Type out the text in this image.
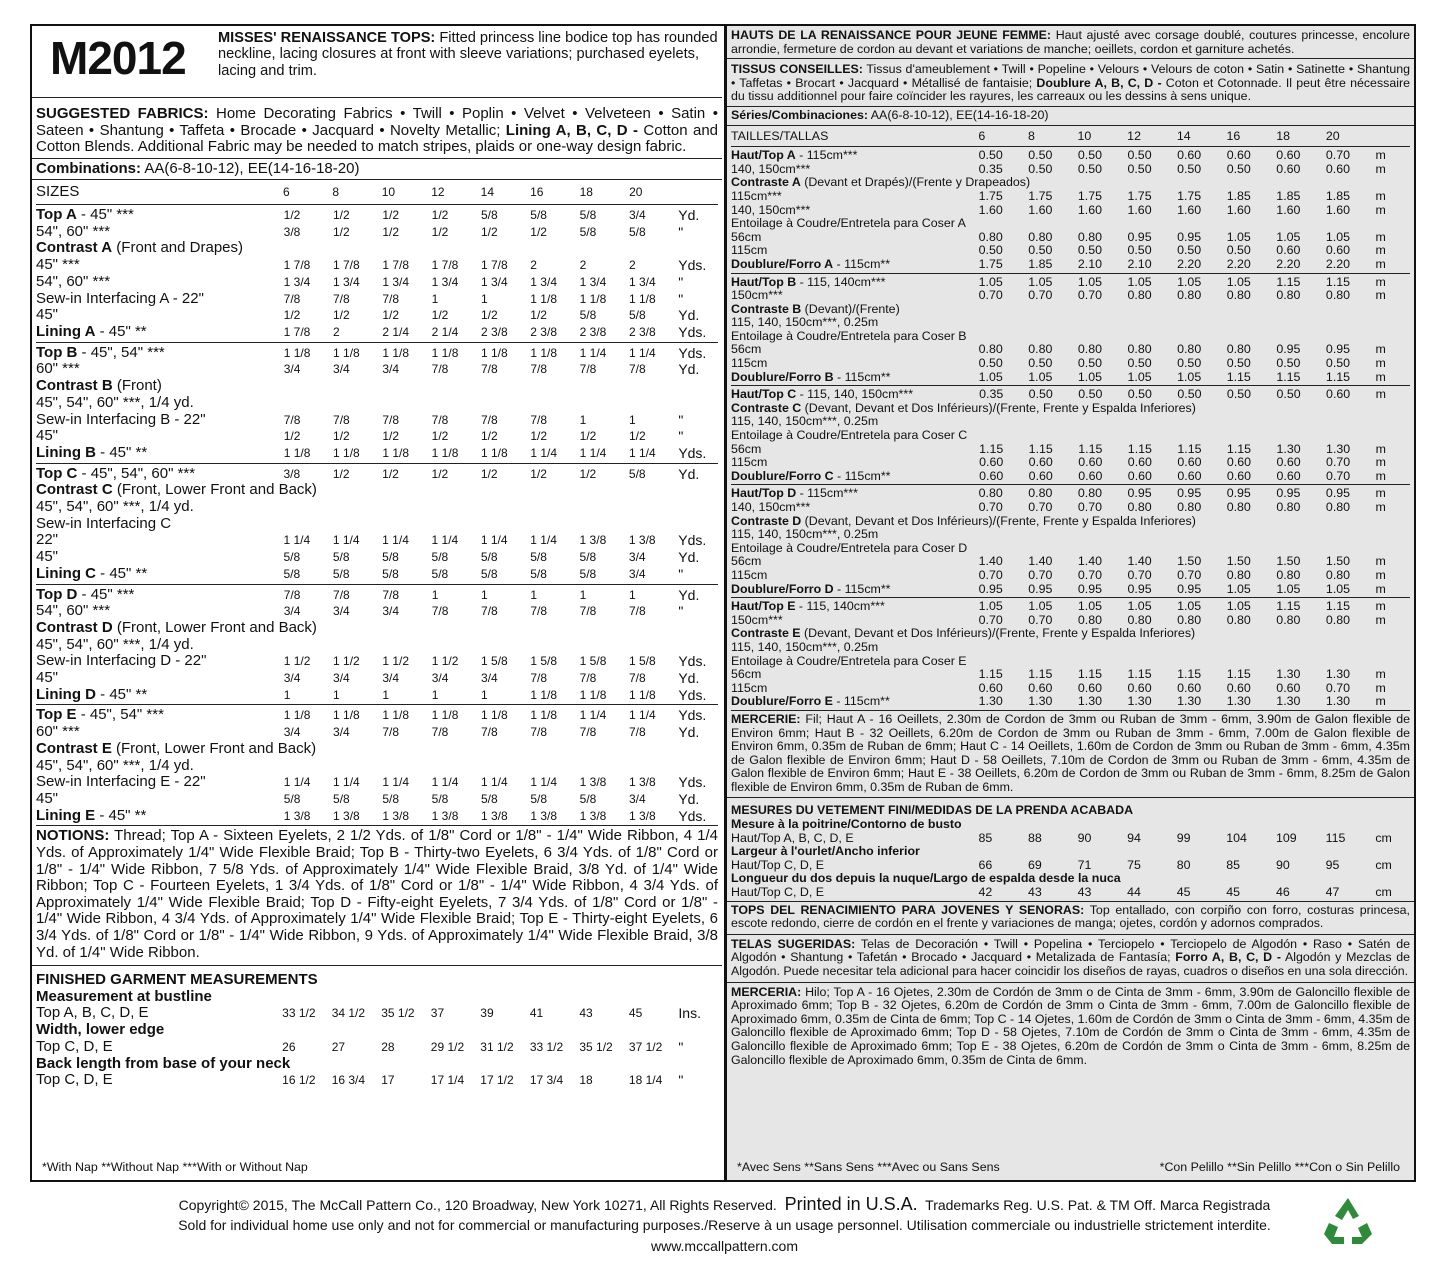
M2012 MISSES' RENAISSANCE TOPS: Fitted princess line bodice top has rounded neckline, lacing closures at front with sleeve variations; purchased eyelets, lacing and trim.
SUGGESTED FABRICS: Home Decorating Fabrics • Twill • Poplin • Velvet • Velveteen • Satin • Sateen • Shantung • Taffeta • Brocade • Jacquard • Novelty Metallic; Lining A, B, C, D - Cotton and Cotton Blends. Additional Fabric may be needed to match stripes, plaids or one-way design fabric.
Combinations: AA(6-8-10-12), EE(14-16-18-20)
SIZES	6	8	10	12	14	16	18	20	
Top A - 45" ***	1/2	1/2	1/2	1/2	5/8	5/8	5/8	3/4	Yd.
54", 60" ***	3/8	1/2	1/2	1/2	1/2	1/2	5/8	5/8	"
Contrast A (Front and Drapes)									
45" ***	1 7/8	1 7/8	1 7/8	1 7/8	1 7/8	2	2	2	Yds.
54", 60" ***	1 3/4	1 3/4	1 3/4	1 3/4	1 3/4	1 3/4	1 3/4	1 3/4	"
Sew-in Interfacing A - 22"	7/8	7/8	7/8	1	1	1 1/8	1 1/8	1 1/8	"
45"	1/2	1/2	1/2	1/2	1/2	1/2	5/8	5/8	Yd.
Lining A - 45" **	1 7/8	2	2 1/4	2 1/4	2 3/8	2 3/8	2 3/8	2 3/8	Yds.
Top B - 45", 54" ***	1 1/8	1 1/8	1 1/8	1 1/8	1 1/8	1 1/8	1 1/4	1 1/4	Yds.
60" ***	3/4	3/4	3/4	7/8	7/8	7/8	7/8	7/8	Yd.
Contrast B (Front)									
45", 54", 60" ***, 1/4 yd.									
Sew-in Interfacing B - 22"	7/8	7/8	7/8	7/8	7/8	7/8	1	1	"
45"	1/2	1/2	1/2	1/2	1/2	1/2	1/2	1/2	"
Lining B - 45" **	1 1/8	1 1/8	1 1/8	1 1/8	1 1/8	1 1/4	1 1/4	1 1/4	Yds.
Top C - 45", 54", 60" ***	3/8	1/2	1/2	1/2	1/2	1/2	1/2	5/8	Yd.
Contrast C (Front, Lower Front and Back)									
45", 54", 60" ***, 1/4 yd.									
Sew-in Interfacing C									
22"	1 1/4	1 1/4	1 1/4	1 1/4	1 1/4	1 1/4	1 3/8	1 3/8	Yds.
45"	5/8	5/8	5/8	5/8	5/8	5/8	5/8	3/4	Yd.
Lining C - 45" **	5/8	5/8	5/8	5/8	5/8	5/8	5/8	3/4	"
Top D - 45" ***	7/8	7/8	7/8	1	1	1	1	1	Yd.
54", 60" ***	3/4	3/4	3/4	7/8	7/8	7/8	7/8	7/8	"
Contrast D (Front, Lower Front and Back)									
45", 54", 60" ***, 1/4 yd.									
Sew-in Interfacing D - 22"	1 1/2	1 1/2	1 1/2	1 1/2	1 5/8	1 5/8	1 5/8	1 5/8	Yds.
45"	3/4	3/4	3/4	3/4	3/4	7/8	7/8	7/8	Yd.
Lining D - 45" **	1	1	1	1	1	1 1/8	1 1/8	1 1/8	Yds.
Top E - 45", 54" ***	1 1/8	1 1/8	1 1/8	1 1/8	1 1/8	1 1/8	1 1/4	1 1/4	Yds.
60" ***	3/4	3/4	7/8	7/8	7/8	7/8	7/8	7/8	Yd.
Contrast E (Front, Lower Front and Back)									
45", 54", 60" ***, 1/4 yd.									
Sew-in Interfacing E - 22"	1 1/4	1 1/4	1 1/4	1 1/4	1 1/4	1 1/4	1 3/8	1 3/8	Yds.
45"	5/8	5/8	5/8	5/8	5/8	5/8	5/8	3/4	Yd.
Lining E - 45" **	1 3/8	1 3/8	1 3/8	1 3/8	1 3/8	1 3/8	1 3/8	1 3/8	Yds.
NOTIONS: Thread; Top A - Sixteen Eyelets, 2 1/2 Yds. of 1/8" Cord or 1/8" - 1/4" Wide Ribbon, 4 1/4 Yds. of Approximately 1/4" Wide Flexible Braid; Top B - Thirty-two Eyelets, 6 3/4 Yds. of 1/8" Cord or 1/8" - 1/4" Wide Ribbon, 7 5/8 Yds. of Approximately 1/4" Wide Flexible Braid, 3/8 Yd. of 1/4" Wide Ribbon; Top C - Fourteen Eyelets, 1 3/4 Yds. of 1/8" Cord or 1/8" - 1/4" Wide Ribbon, 4 3/4 Yds. of Approximately 1/4" Wide Flexible Braid; Top D - Fifty-eight Eyelets, 7 3/4 Yds. of 1/8" Cord or 1/8" - 1/4" Wide Ribbon, 4 3/4 Yds. of Approximately 1/4" Wide Flexible Braid; Top E - Thirty-eight Eyelets, 6 3/4 Yds. of 1/8" Cord or 1/8" - 1/4" Wide Ribbon, 9 Yds. of Approximately 1/4" Wide Flexible Braid, 3/8 Yd. of 1/4" Wide Ribbon.
FINISHED GARMENT MEASUREMENTS
Measurement at bustline									
Top A, B, C, D, E	33 1/2	34 1/2	35 1/2	37	39	41	43	45	Ins.
Width, lower edge									
Top C, D, E	26	27	28	29 1/2	31 1/2	33 1/2	35 1/2	37 1/2	"
Back length from base of your neck									
Top C, D, E	16 1/2	16 3/4	17	17 1/4	17 1/2	17 3/4	18	18 1/4	"
*With Nap **Without Nap ***With or Without Nap
HAUTS DE LA RENAISSANCE POUR JEUNE FEMME: Haut ajusté avec corsage doublé, coutures princesse, encolure arrondie, fermeture de cordon au devant et variations de manche; oeillets, cordon et garniture achetés.
TISSUS CONSEILLES: Tissus d'ameublement • Twill • Popeline • Velours • Velours de coton • Satin • Satinette • Shantung • Taffetas • Brocart • Jacquard • Métallisé de fantaisie; Doublure A, B, C, D - Coton et Cotonnade. Il peut être nécessaire du tissu additionnel pour faire coïncider les rayures, les carreaux ou les dessins à sens unique.
Séries/Combinaciones: AA(6-8-10-12), EE(14-16-18-20)
TAILLES/TALLAS	6	8	10	12	14	16	18	20	
Haut/Top A - 115cm***	0.50	0.50	0.50	0.50	0.60	0.60	0.60	0.70	m
140, 150cm***	0.35	0.50	0.50	0.50	0.50	0.50	0.60	0.60	m
Contraste A (Devant et Drapés)/(Frente y Drapeados)									
115cm***	1.75	1.75	1.75	1.75	1.75	1.85	1.85	1.85	m
140, 150cm***	1.60	1.60	1.60	1.60	1.60	1.60	1.60	1.60	m
Entoilage à Coudre/Entretela para Coser A									
56cm	0.80	0.80	0.80	0.95	0.95	1.05	1.05	1.05	m
115cm	0.50	0.50	0.50	0.50	0.50	0.50	0.60	0.60	m
Doublure/Forro A - 115cm**	1.75	1.85	2.10	2.10	2.20	2.20	2.20	2.20	m
Haut/Top B - 115, 140cm***	1.05	1.05	1.05	1.05	1.05	1.05	1.15	1.15	m
150cm***	0.70	0.70	0.70	0.80	0.80	0.80	0.80	0.80	m
Contraste B (Devant)/(Frente)									
115, 140, 150cm***, 0.25m									
Entoilage à Coudre/Entretela para Coser B									
56cm	0.80	0.80	0.80	0.80	0.80	0.80	0.95	0.95	m
115cm	0.50	0.50	0.50	0.50	0.50	0.50	0.50	0.50	m
Doublure/Forro B - 115cm**	1.05	1.05	1.05	1.05	1.05	1.15	1.15	1.15	m
Haut/Top C - 115, 140, 150cm***	0.35	0.50	0.50	0.50	0.50	0.50	0.50	0.60	m
Contraste C (Devant, Devant et Dos Inférieurs)/(Frente, Frente y Espalda Inferiores)									
115, 140, 150cm***, 0.25m									
Entoilage à Coudre/Entretela para Coser C									
56cm	1.15	1.15	1.15	1.15	1.15	1.15	1.30	1.30	m
115cm	0.60	0.60	0.60	0.60	0.60	0.60	0.60	0.70	m
Doublure/Forro C - 115cm**	0.60	0.60	0.60	0.60	0.60	0.60	0.60	0.70	m
Haut/Top D - 115cm***	0.80	0.80	0.80	0.95	0.95	0.95	0.95	0.95	m
140, 150cm***	0.70	0.70	0.70	0.80	0.80	0.80	0.80	0.80	m
Contraste D (Devant, Devant et Dos Inférieurs)/(Frente, Frente y Espalda Inferiores)									
115, 140, 150cm***, 0.25m									
Entoilage à Coudre/Entretela para Coser D									
56cm	1.40	1.40	1.40	1.40	1.50	1.50	1.50	1.50	m
115cm	0.70	0.70	0.70	0.70	0.70	0.80	0.80	0.80	m
Doublure/Forro D - 115cm**	0.95	0.95	0.95	0.95	0.95	1.05	1.05	1.05	m
Haut/Top E - 115, 140cm***	1.05	1.05	1.05	1.05	1.05	1.05	1.15	1.15	m
150cm***	0.70	0.70	0.80	0.80	0.80	0.80	0.80	0.80	m
Contraste E (Devant, Devant et Dos Inférieurs)/(Frente, Frente y Espalda Inferiores)									
115, 140, 150cm***, 0.25m									
Entoilage à Coudre/Entretela para Coser E									
56cm	1.15	1.15	1.15	1.15	1.15	1.15	1.30	1.30	m
115cm	0.60	0.60	0.60	0.60	0.60	0.60	0.60	0.70	m
Doublure/Forro E - 115cm**	1.30	1.30	1.30	1.30	1.30	1.30	1.30	1.30	m
MERCERIE: Fil; Haut A - 16 Oeillets, 2.30m de Cordon de 3mm ou Ruban de 3mm - 6mm, 3.90m de Galon flexible de Environ 6mm; Haut B - 32 Oeillets, 6.20m de Cordon de 3mm ou Ruban de 3mm - 6mm, 7.00m de Galon flexible de Environ 6mm, 0.35m de Ruban de 6mm; Haut C - 14 Oeillets, 1.60m de Cordon de 3mm ou Ruban de 3mm - 6mm, 4.35m de Galon flexible de Environ 6mm; Haut D - 58 Oeillets, 7.10m de Cordon de 3mm ou Ruban de 3mm - 6mm, 4.35m de Galon flexible de Environ 6mm; Haut E - 38 Oeillets, 6.20m de Cordon de 3mm ou Ruban de 3mm - 6mm, 8.25m de Galon flexible de Environ 6mm, 0.35m de Ruban de 6mm.
MESURES DU VETEMENT FINI/MEDIDAS DE LA PRENDA ACABADA
Mesure à la poitrine/Contorno de busto									
Haut/Top A, B, C, D, E	85	88	90	94	99	104	109	115	cm
Largeur à l'ourlet/Ancho inferior									
Haut/Top C, D, E	66	69	71	75	80	85	90	95	cm
Longueur du dos depuis la nuque/Largo de espalda desde la nuca									
Haut/Top C, D, E	42	43	43	44	45	45	46	47	cm
TOPS DEL RENACIMIENTO PARA JOVENES Y SENORAS: Top entallado, con corpiño con forro, costuras princesa, escote redondo, cierre de cordón en el frente y variaciones de manga; ojetes, cordón y adornos comprados.
TELAS SUGERIDAS: Telas de Decoración • Twill • Popelina • Terciopelo • Terciopelo de Algodón • Raso • Satén de Algodón • Shantung • Tafetán • Brocado • Jacquard • Metalizada de Fantasía; Forro A, B, C, D - Algodón y Mezclas de Algodón. Puede necesitar tela adicional para hacer coincidir los diseños de rayas, cuadros o diseños en una sola dirección.
MERCERIA: Hilo; Top A - 16 Ojetes, 2.30m de Cordón de 3mm o de Cinta de 3mm - 6mm, 3.90m de Galoncillo flexible de Aproximado 6mm; Top B - 32 Ojetes, 6.20m de Cordón de 3mm o Cinta de 3mm - 6mm, 7.00m de Galoncillo flexible de Aproximado 6mm, 0.35m de Cinta de 6mm; Top C - 14 Ojetes, 1.60m de Cordón de 3mm o Cinta de 3mm - 6mm, 4.35m de Galoncillo flexible de Aproximado 6mm; Top D - 58 Ojetes, 7.10m de Cordón de 3mm o Cinta de 3mm - 6mm, 4.35m de Galoncillo flexible de Aproximado 6mm; Top E - 38 Ojetes, 6.20m de Cordón de 3mm o Cinta de 3mm - 6mm, 8.25m de Galoncillo flexible de Aproximado 6mm, 0.35m de Cinta de 6mm.
*Avec Sens **Sans Sens ***Avec ou Sans Sens	*Con Pelillo **Sin Pelillo ***Con o Sin Pelillo
Copyright© 2015, The McCall Pattern Co., 120 Broadway, New York 10271, All Rights Reserved. Printed in U.S.A. Trademarks Reg. U.S. Pat. & TM Off. Marca Registrada
Sold for individual home use only and not for commercial or manufacturing purposes./Reserve à un usage personnel. Utilisation commerciale ou industrielle strictement interdite.
www.mccallpattern.com
